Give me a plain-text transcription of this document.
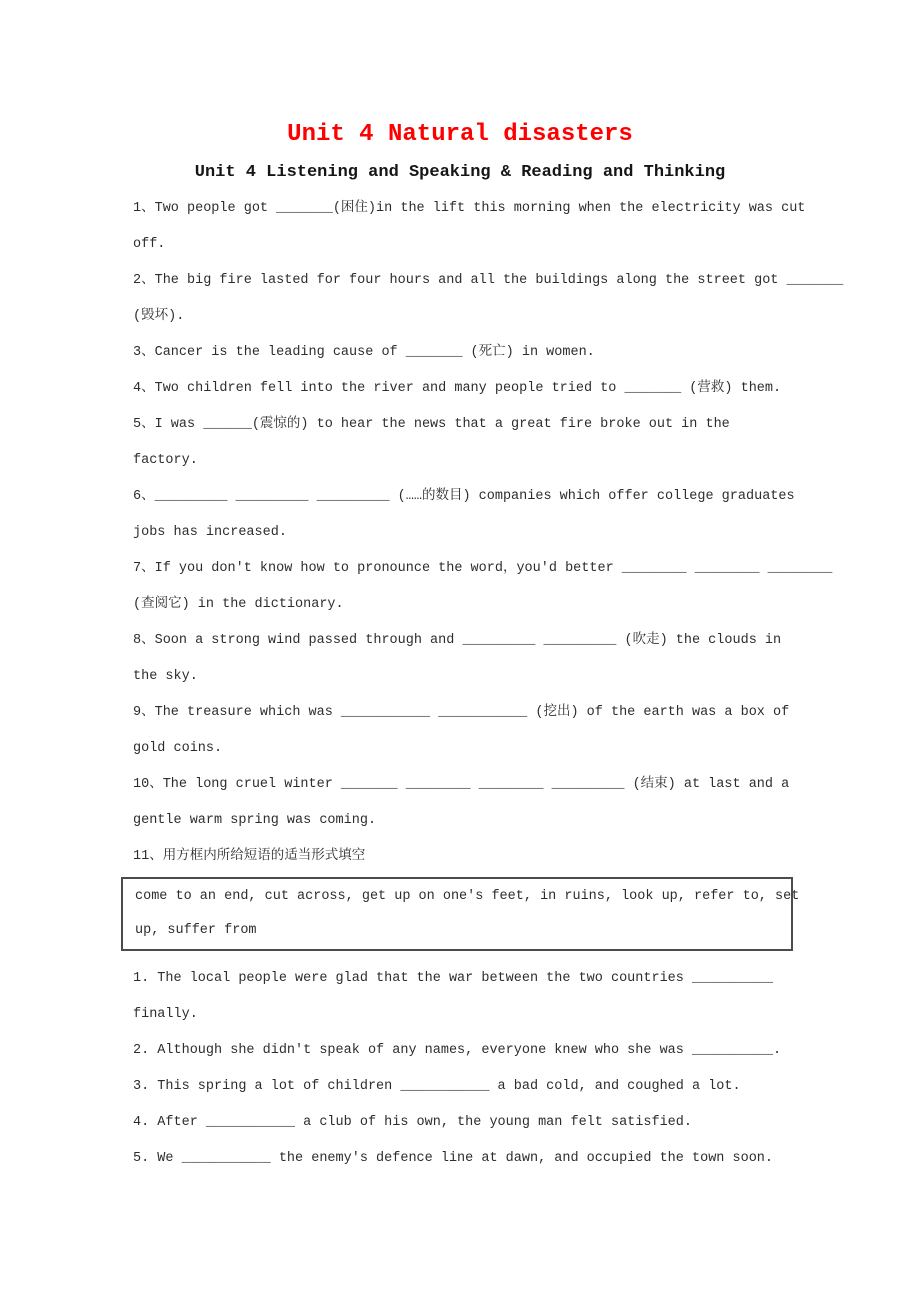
Unit 4 Natural disasters
Unit 4 Listening and Speaking & Reading and Thinking
1、Two people got _______(困住)in the lift this morning when the electricity was cut
off.
2、The big fire lasted for four hours and all the buildings along the street got _______
(毁坏).
3、Cancer is the leading cause of _______ (死亡) in women.
4、Two children fell into the river and many people tried to _______ (营救) them.
5、I was ______(震惊的) to hear the news that a great fire broke out in the
factory.
6、_________ _________ _________ (……的数目) companies which offer college graduates
jobs has increased.
7、If you don't know how to pronounce the word，you'd better ________ ________ ________
(查阅它) in the dictionary.
8、Soon a strong wind passed through and _________ _________ (吹走) the clouds in
the sky.
9、The treasure which was ___________ ___________ (挖出) of the earth was a box of
gold coins.
10、The long cruel winter _______ ________ ________ _________ (结束) at last and a
gentle warm spring was coming.
11、用方框内所给短语的适当形式填空
come to an end, cut across, get up on one's feet, in ruins, look up, refer to, set
up, suffer from
1. The local people were glad that the war between the two countries __________
finally.
2. Although she didn't speak of any names, everyone knew who she was __________.
3. This spring a lot of children ___________ a bad cold, and coughed a lot.
4. After ___________ a club of his own, the young man felt satisfied.
5. We ___________ the enemy's defence line at dawn, and occupied the town soon.
